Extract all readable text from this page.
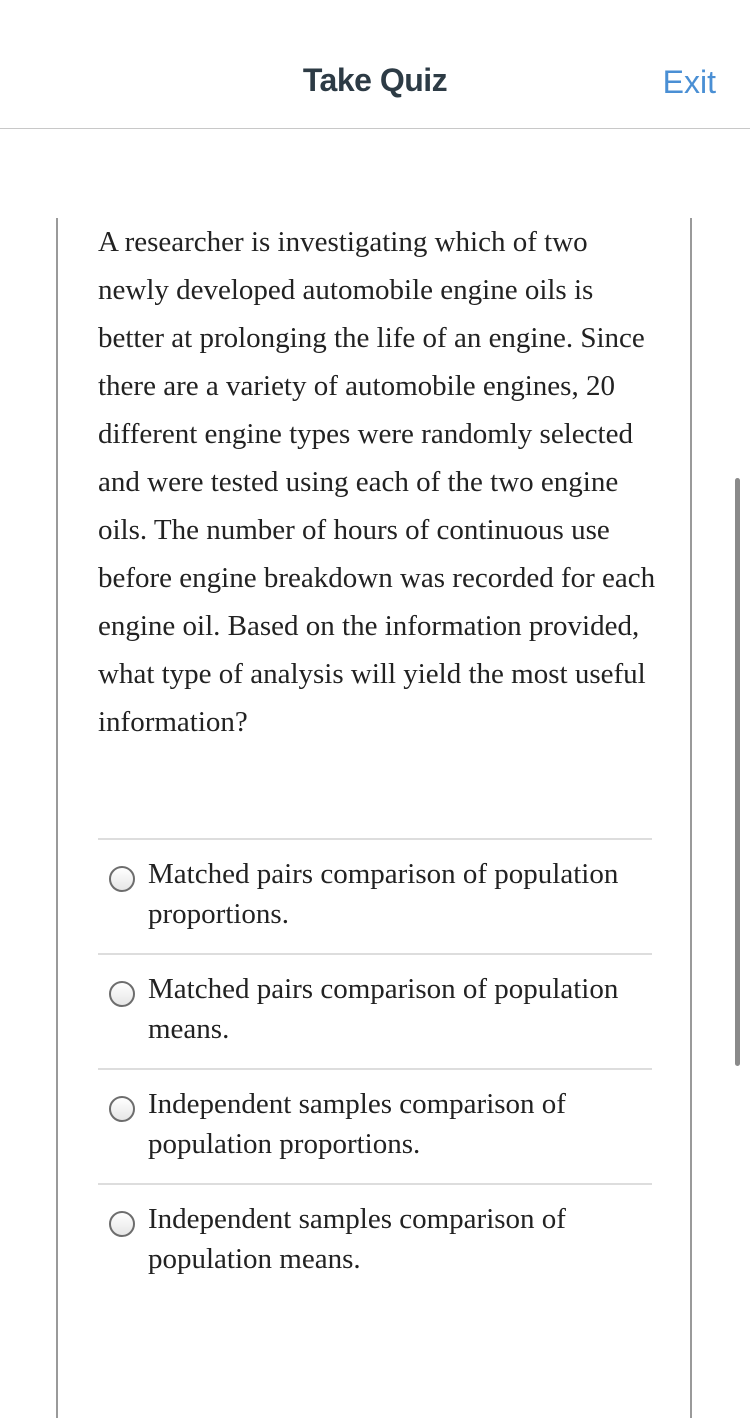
Take Quiz	Exit
A researcher is investigating which of two newly developed automobile engine oils is better at prolonging the life of an engine. Since there are a variety of automobile engines, 20 different engine types were randomly selected and were tested using each of the two engine oils. The number of hours of continuous use before engine breakdown was recorded for each engine oil. Based on the information provided, what type of analysis will yield the most useful information?
Matched pairs comparison of population proportions.
Matched pairs comparison of population means.
Independent samples comparison of population proportions.
Independent samples comparison of population means.
